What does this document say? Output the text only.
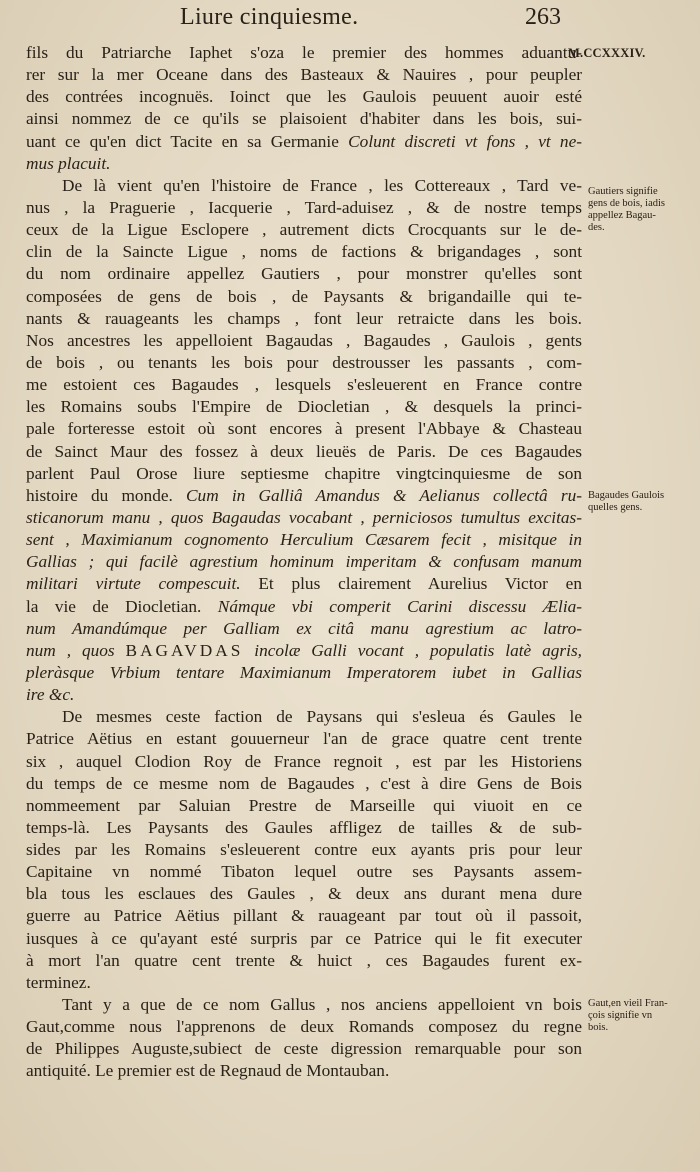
Liure cinquiesme.	263
M.CCXXXIV.
fils du Patriarche Iaphet s'oza le premier des hommes aduantu-
rer sur la mer Oceane dans des Basteaux & Nauires , pour peupler
des contrées incognuës. Ioinct que les Gaulois peuuent auoir esté
ainsi nommez de ce qu'ils se plaisoient d'habiter dans les bois, sui-
uant ce qu'en dict Tacite en sa Germanie Colunt discreti vt fons , vt ne-
mus placuit.
De là vient qu'en l'histoire de France , les Cottereaux , Tard ve-
nus , la Praguerie , Iacquerie , Tard-aduisez , & de nostre temps
ceux de la Ligue Esclopere , autrement dicts Crocquants sur le de-
clin de la Saincte Ligue , noms de factions & brigandages , sont
du nom ordinaire appellez Gautiers , pour monstrer qu'elles sont
composées de gens de bois , de Paysants & brigandaille qui te-
nants & rauageants les champs , font leur retraicte dans les bois.
Nos ancestres les appelloient Bagaudas , Bagaudes , Gaulois , gents
de bois , ou tenants les bois pour destrousser les passants , com-
me estoient ces Bagaudes , lesquels s'esleuerent en France contre
les Romains soubs l'Empire de Diocletian , & desquels la princi-
pale forteresse estoit où sont encores à present l'Abbaye & Chasteau
de Sainct Maur des fossez à deux lieuës de Paris. De ces Bagaudes
parlent Paul Orose liure septiesme chapitre vingtcinquiesme de son
histoire du monde. Cum in Galliâ Amandus & Aelianus collectâ ru-
sticanorum manu , quos Bagaudas vocabant , perniciosos tumultus excitas-
sent , Maximianum cognomento Herculium Cæsarem fecit , misitque in
Gallias ; qui facilè agrestium hominum imperitam & confusam manum
militari virtute compescuit. Et plus clairement Aurelius Victor en
la vie de Diocletian. Námque vbi comperit Carini discessu Ælia-
num Amandúmque per Galliam ex citâ manu agrestium ac latro-
num , quos BAGAVDAS incolæ Galli vocant , populatis latè agris,
pleràsque Vrbium tentare Maximianum Imperatorem iubet in Gallias
ire &c.
De mesmes ceste faction de Paysans qui s'esleua és Gaules le
Patrice Aëtius en estant gouuerneur l'an de grace quatre cent trente
six , auquel Clodion Roy de France regnoit , est par les Historiens
du temps de ce mesme nom de Bagaudes , c'est à dire Gens de Bois
nommeement par Saluian Prestre de Marseille qui viuoit en ce
temps-là. Les Paysants des Gaules affligez de tailles & de sub-
sides par les Romains s'esleuerent contre eux ayants pris pour leur
Capitaine vn nommé Tibaton lequel outre ses Paysants assem-
bla tous les esclaues des Gaules , & deux ans durant mena dure
guerre au Patrice Aëtius pillant & rauageant par tout où il passoit,
iusques à ce qu'ayant esté surpris par ce Patrice qui le fit executer
à mort l'an quatre cent trente & huict , ces Bagaudes furent ex-
terminez.
Tant y a que de ce nom Gallus , nos anciens appelloient vn bois
Gaut,comme nous l'apprenons de deux Romands composez du regne
de Philippes Auguste,subiect de ceste digression remarquable pour son
antiquité. Le premier est de Regnaud de Montauban.
Gautiers signifie
gens de bois, iadis
appellez Bagau-
des.
Bagaudes Gaulois
quelles gens.
Gaut,en vieil Fran-
çois signifie vn
bois.
